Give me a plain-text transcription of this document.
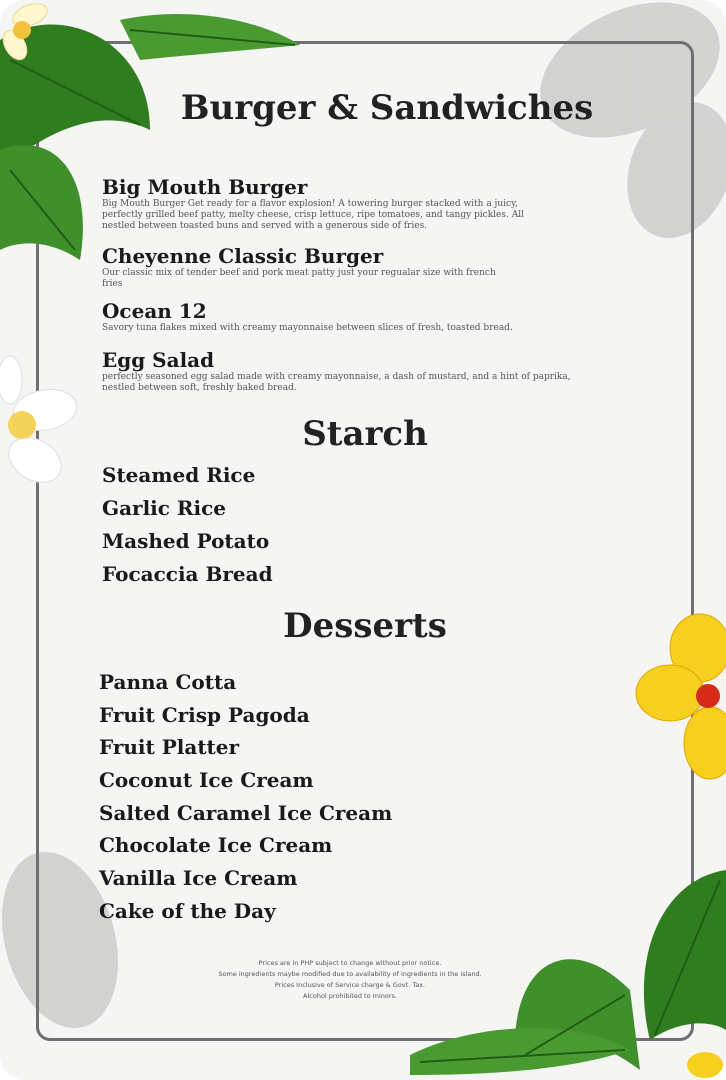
Burger & Sandwiches

Big Mouth Burger

Big Mouth Burger Get ready for a flavor explosion! A towering burger stacked with a juicy, perfectly grilled beef patty, melty cheese, crisp lettuce, ripe tomatoes, and tangy pickles. All nestled between toasted buns and served with a generous side of fries.

Cheyenne Classic Burger

Our classic mix of tender beef and pork meat patty just your regualar size with french fries

Ocean 12

Savory tuna flakes mixed with creamy mayonnaise between slices of fresh, toasted bread.

Egg Salad

perfectly seasoned egg salad made with creamy mayonnaise, a dash of mustard, and a hint of paprika, nestled between soft, freshly baked bread.

Starch
Steamed Rice
Garlic Rice
Mashed Potato
Focaccia Bread
Desserts
Panna Cotta
Fruit Crisp Pagoda
Fruit Platter
Coconut Ice Cream
Salted Caramel Ice Cream
Chocolate Ice Cream
Vanilla Ice Cream
Cake of the Day
Prices are in PHP subject to change without prior notice.
Some ingredients maybe modified due to availability of ingredients in the island.
Prices Inclusive of Service charge & Govt. Tax.
Alcohol prohibited to minors.
